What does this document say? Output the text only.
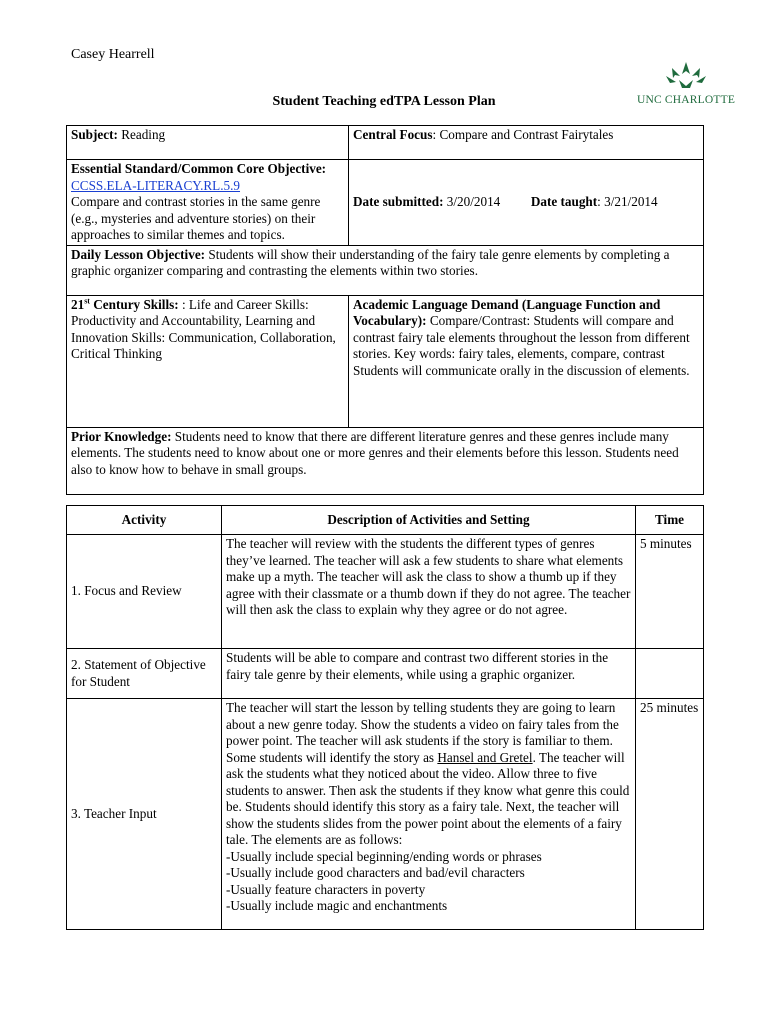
Casey Hearrell
UNC CHARLOTTE
Student Teaching edTPA Lesson Plan
Subject: Reading	Central Focus: Compare and Contrast Fairytales

Essential Standard/Common Core Objective:
CCSS.ELA-LITERACY.RL.5.9
Compare and contrast stories in the same genre (e.g., mysteries and adventure stories) on their approaches to similar themes and topics.	Date submitted: 3/20/2014 Date taught: 3/21/2014
Daily Lesson Objective: Students will show their understanding of the fairy tale genre elements by completing a graphic organizer comparing and contrasting the elements within two stories.	
21st Century Skills: : Life and Career Skills: Productivity and Accountability, Learning and Innovation Skills: Communication, Collaboration, Critical Thinking	Academic Language Demand (Language Function and Vocabulary): Compare/Contrast: Students will compare and contrast fairy tale elements throughout the lesson from different stories. Key words: fairy tales, elements, compare, contrast
Students will communicate orally in the discussion of elements.

Prior Knowledge: Students need to know that there are different literature genres and these genres include many elements. The students need to know about one or more genres and their elements before this lesson. Students need also to know how to behave in small groups.	
Activity	Description of Activities and Setting	Time
1. Focus and Review	The teacher will review with the students the different types of genres they’ve learned. The teacher will ask a few students to share what elements make up a myth. The teacher will ask the class to show a thumb up if they agree with their classmate or a thumb down if they do not agree. The teacher will then ask the class to explain why they agree or do not agree.	5 minutes
2. Statement of Objective for Student	Students will be able to compare and contrast two different stories in the fairy tale genre by their elements, while using a graphic organizer.	
3. Teacher Input	The teacher will start the lesson by telling students they are going to learn about a new genre today. Show the students a video on fairy tales from the power point. The teacher will ask students if the story is familiar to them. Some students will identify the story as Hansel and Gretel. The teacher will ask the students what they noticed about the video. Allow three to five students to answer. Then ask the students if they know what genre this could be. Students should identify this story as a fairy tale. Next, the teacher will show the students slides from the power point about the elements of a fairy tale. The elements are as follows:
-Usually include special beginning/ending words or phrases
-Usually include good characters and bad/evil characters
-Usually feature characters in poverty
-Usually include magic and enchantments	25 minutes
